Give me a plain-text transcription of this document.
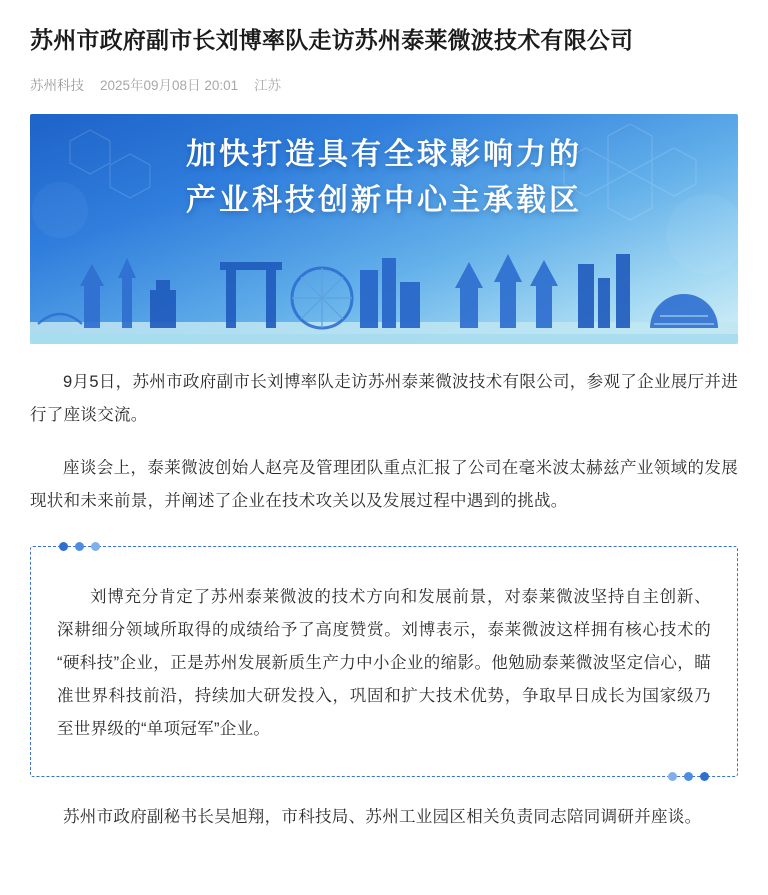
苏州市政府副市长刘博率队走访苏州泰莱微波技术有限公司
苏州科技 2025年09月08日 20:01 江苏
加快打造具有全球影响力的
产业科技创新中心主承载区

9月5日，苏州市政府副市长刘博率队走访苏州泰莱微波技术有限公司，参观了企业展厅并进行了座谈交流。

座谈会上，泰莱微波创始人赵亮及管理团队重点汇报了公司在毫米波太赫兹产业领域的发展现状和未来前景，并阐述了企业在技术攻关以及发展过程中遇到的挑战。

刘博充分肯定了苏州泰莱微波的技术方向和发展前景，对泰莱微波坚持自主创新、深耕细分领域所取得的成绩给予了高度赞赏。刘博表示，泰莱微波这样拥有核心技术的“硬科技”企业，正是苏州发展新质生产力中小企业的缩影。他勉励泰莱微波坚定信心，瞄准世界科技前沿，持续加大研发投入，巩固和扩大技术优势，争取早日成长为国家级乃至世界级的“单项冠军”企业。

苏州市政府副秘书长吴旭翔，市科技局、苏州工业园区相关负责同志陪同调研并座谈。
